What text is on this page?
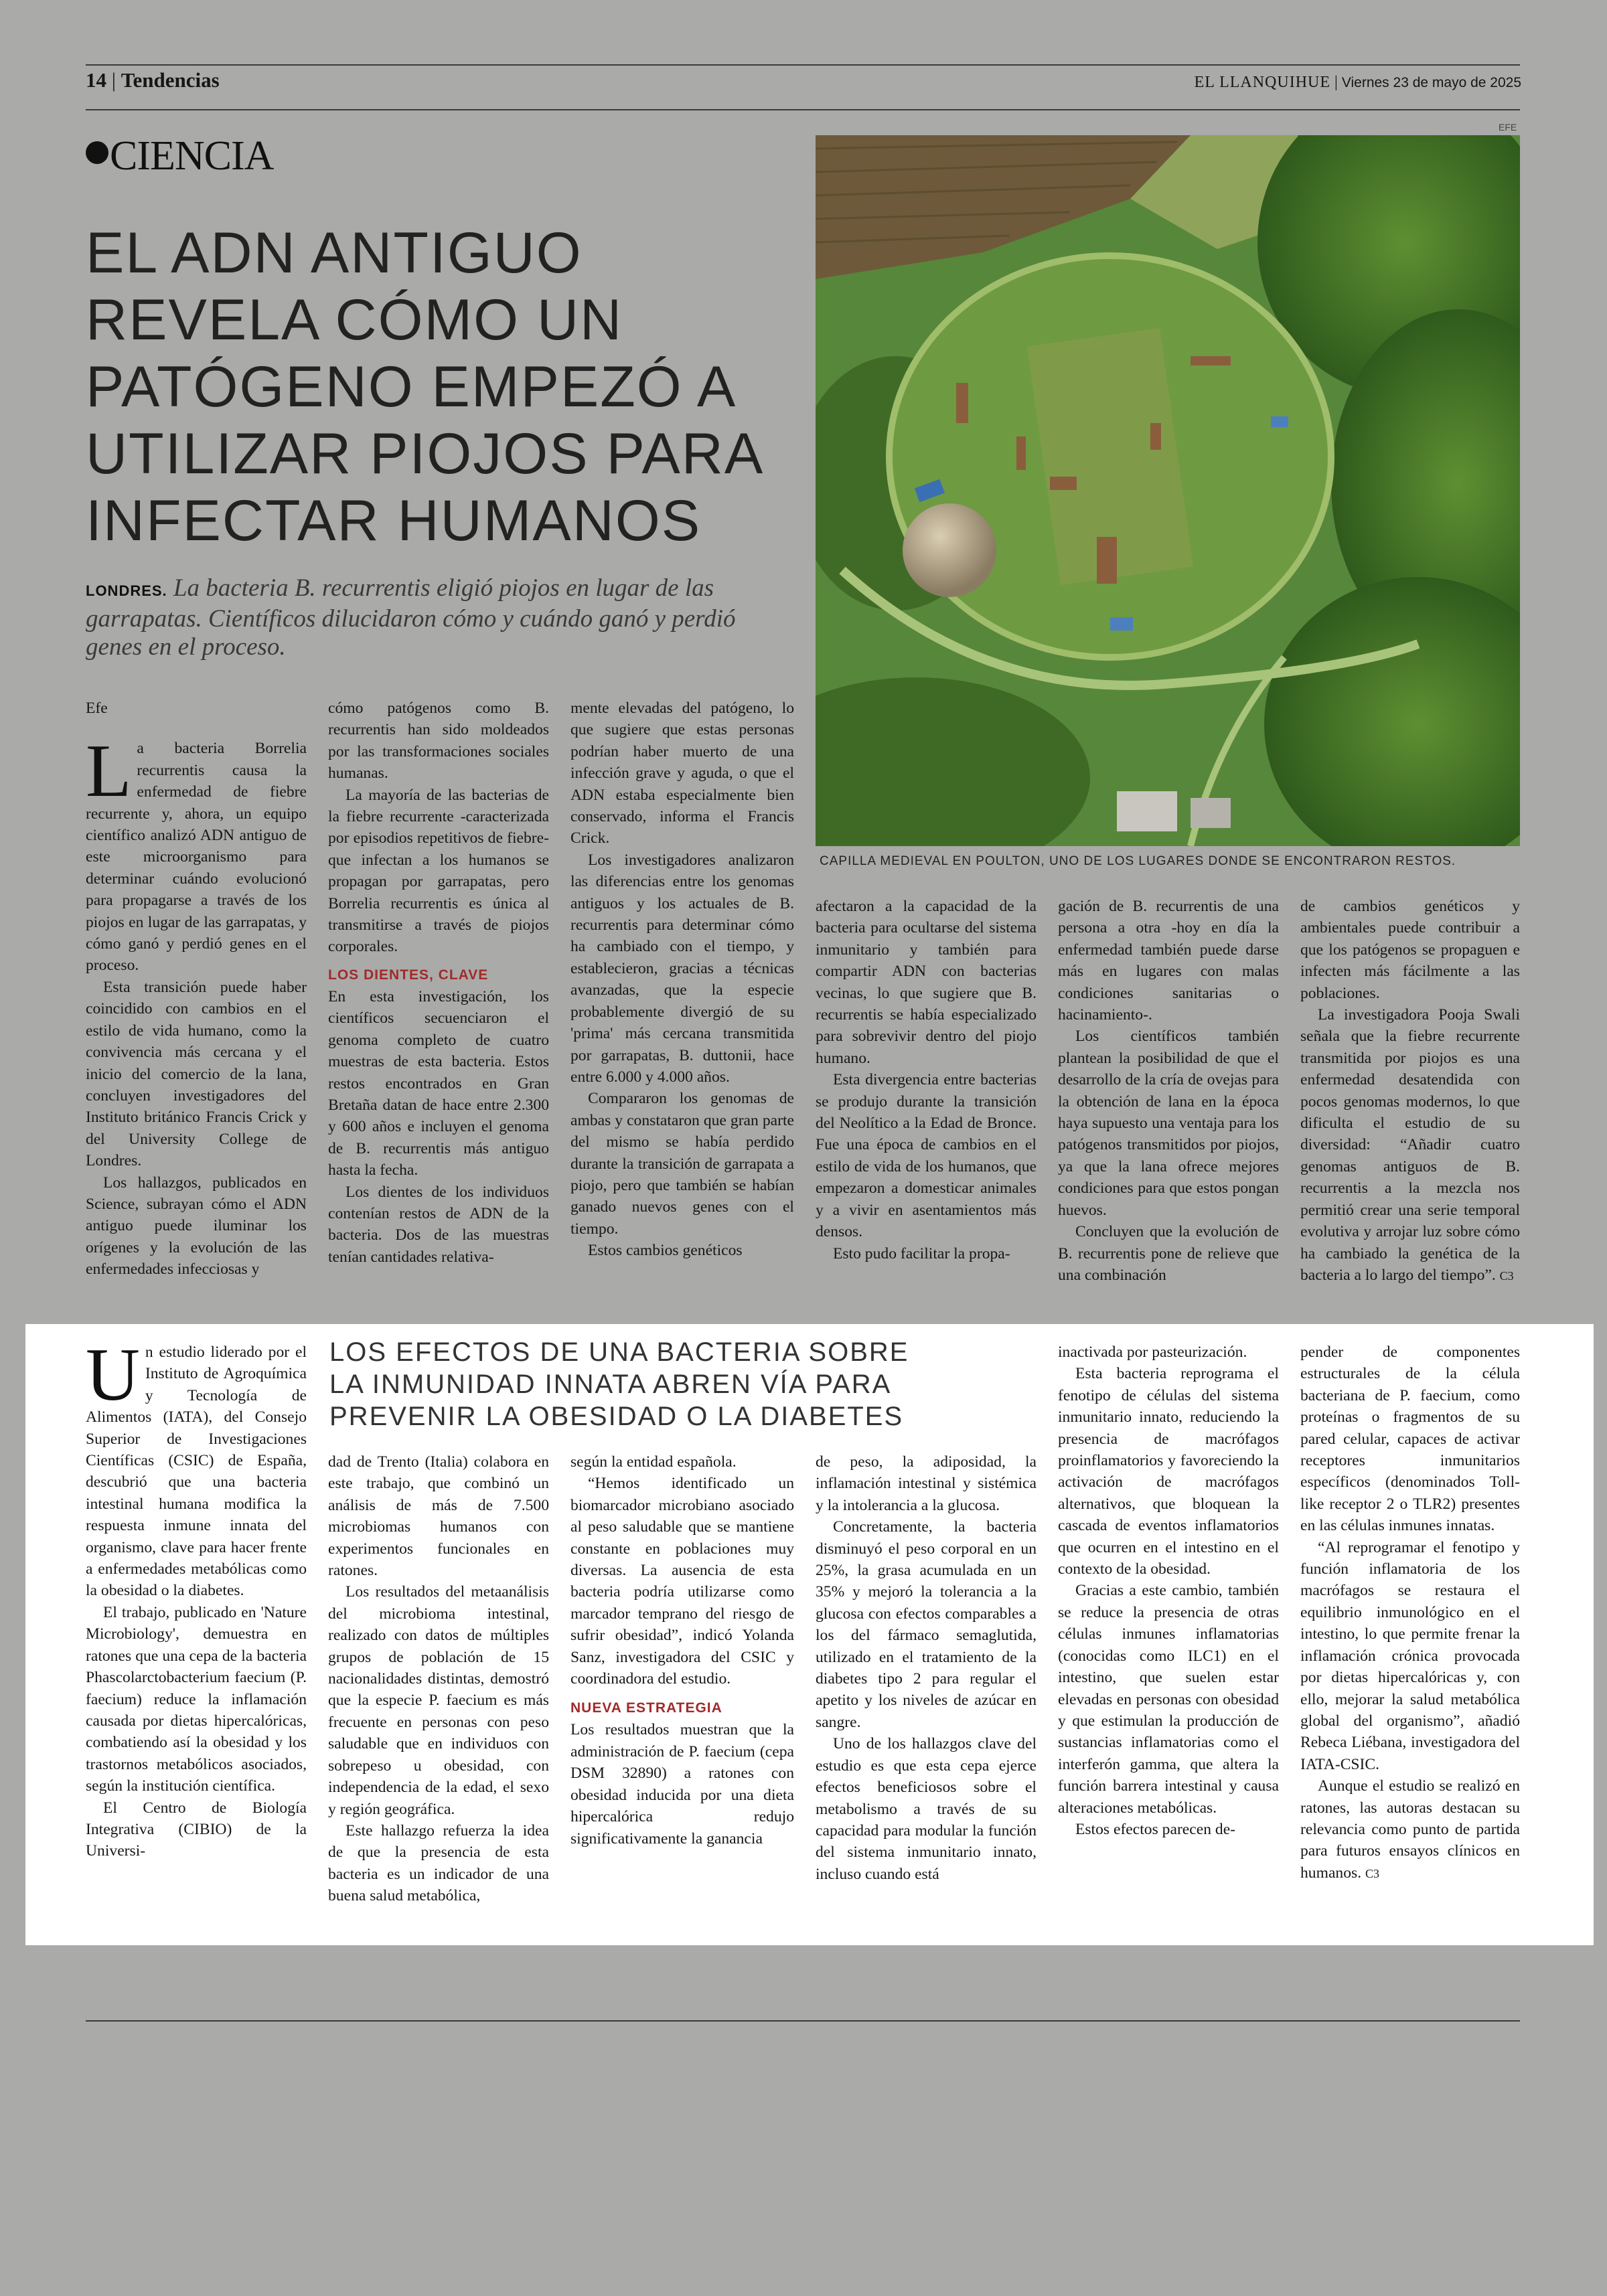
14 | Tendencias	EL LLANQUIHUE | Viernes 23 de mayo de 2025
CIENCIA
EL ADN ANTIGUO REVELA CÓMO UN PATÓGENO EMPEZÓ A UTILIZAR PIOJOS PARA INFECTAR HUMANOS
LONDRES. La bacteria B. recurrentis eligió piojos en lugar de las garrapatas. Científicos dilucidaron cómo y cuándo ganó y perdió genes en el proceso.
EFE
CAPILLA MEDIEVAL EN POULTON, UNO DE LOS LUGARES DONDE SE ENCONTRARON RESTOS.

Efe

La bacteria Borrelia recurrentis causa la enfermedad de fiebre recurrente y, ahora, un equipo científico analizó ADN antiguo de este microorganismo para determinar cuándo evolucionó para propagarse a través de los piojos en lugar de las garrapatas, y cómo ganó y perdió genes en el proceso.

Esta transición puede haber coincidido con cambios en el estilo de vida humano, como la convivencia más cercana y el inicio del comercio de la lana, concluyen investigadores del Instituto británico Francis Crick y del University College de Londres.

Los hallazgos, publicados en Science, subrayan cómo el ADN antiguo puede iluminar los orígenes y la evolución de las enfermedades infecciosas y

cómo patógenos como B. recurrentis han sido moldeados por las transformaciones sociales humanas.

La mayoría de las bacterias de la fiebre recurrente -caracterizada por episodios repetitivos de fiebre- que infectan a los humanos se propagan por garrapatas, pero Borrelia recurrentis es única al transmitirse a través de piojos corporales.

LOS DIENTES, CLAVE

En esta investigación, los científicos secuenciaron el genoma completo de cuatro muestras de esta bacteria. Estos restos encontrados en Gran Bretaña datan de hace entre 2.300 y 600 años e incluyen el genoma de B. recurrentis más antiguo hasta la fecha.

Los dientes de los individuos contenían restos de ADN de la bacteria. Dos de las muestras tenían cantidades relativa-

mente elevadas del patógeno, lo que sugiere que estas personas podrían haber muerto de una infección grave y aguda, o que el ADN estaba especialmente bien conservado, informa el Francis Crick.

Los investigadores analizaron las diferencias entre los genomas antiguos y los actuales de B. recurrentis para determinar cómo ha cambiado con el tiempo, y establecieron, gracias a técnicas avanzadas, que la especie probablemente divergió de su 'prima' más cercana transmitida por garrapatas, B. duttonii, hace entre 6.000 y 4.000 años.

Compararon los genomas de ambas y constataron que gran parte del mismo se había perdido durante la transición de garrapata a piojo, pero que también se habían ganado nuevos genes con el tiempo.

Estos cambios genéticos

afectaron a la capacidad de la bacteria para ocultarse del sistema inmunitario y también para compartir ADN con bacterias vecinas, lo que sugiere que B. recurrentis se había especializado para sobrevivir dentro del piojo humano.

Esta divergencia entre bacterias se produjo durante la transición del Neolítico a la Edad de Bronce. Fue una época de cambios en el estilo de vida de los humanos, que empezaron a domesticar animales y a vivir en asentamientos más densos.

Esto pudo facilitar la propa-

gación de B. recurrentis de una persona a otra -hoy en día la enfermedad también puede darse más en lugares con malas condiciones sanitarias o hacinamiento-.

Los científicos también plantean la posibilidad de que el desarrollo de la cría de ovejas para la obtención de lana en la época haya supuesto una ventaja para los patógenos transmitidos por piojos, ya que la lana ofrece mejores condiciones para que estos pongan huevos.

Concluyen que la evolución de B. recurrentis pone de relieve que una combinación

de cambios genéticos y ambientales puede contribuir a que los patógenos se propaguen e infecten más fácilmente a las poblaciones.

La investigadora Pooja Swali señala que la fiebre recurrente transmitida por piojos es una enfermedad desatendida con pocos genomas modernos, lo que dificulta el estudio de su diversidad: “Añadir cuatro genomas antiguos de B. recurrentis a la mezcla nos permitió crear una serie temporal evolutiva y arrojar luz sobre cómo ha cambiado la genética de la bacteria a lo largo del tiempo”. C3

LOS EFECTOS DE UNA BACTERIA SOBRE LA INMUNIDAD INNATA ABREN VÍA PARA PREVENIR LA OBESIDAD O LA DIABETES

Un estudio liderado por el Instituto de Agroquímica y Tecnología de Alimentos (IATA), del Consejo Superior de Investigaciones Científicas (CSIC) de España, descubrió que una bacteria intestinal humana modifica la respuesta inmune innata del organismo, clave para hacer frente a enfermedades metabólicas como la obesidad o la diabetes.

El trabajo, publicado en 'Nature Microbiology', demuestra en ratones que una cepa de la bacteria Phascolarctobacterium faecium (P. faecium) reduce la inflamación causada por dietas hipercalóricas, combatiendo así la obesidad y los trastornos metabólicos asociados, según la institución científica.

El Centro de Biología Integrativa (CIBIO) de la Universi-

dad de Trento (Italia) colabora en este trabajo, que combinó un análisis de más de 7.500 microbiomas humanos con experimentos funcionales en ratones.

Los resultados del metaanálisis del microbioma intestinal, realizado con datos de múltiples grupos de población de 15 nacionalidades distintas, demostró que la especie P. faecium es más frecuente en personas con peso saludable que en individuos con sobrepeso u obesidad, con independencia de la edad, el sexo y región geográfica.

Este hallazgo refuerza la idea de que la presencia de esta bacteria es un indicador de una buena salud metabólica,

según la entidad española.

“Hemos identificado un biomarcador microbiano asociado al peso saludable que se mantiene constante en poblaciones muy diversas. La ausencia de esta bacteria podría utilizarse como marcador temprano del riesgo de sufrir obesidad”, indicó Yolanda Sanz, investigadora del CSIC y coordinadora del estudio.

NUEVA ESTRATEGIA

Los resultados muestran que la administración de P. faecium (cepa DSM 32890) a ratones con obesidad inducida por una dieta hipercalórica redujo significativamente la ganancia

de peso, la adiposidad, la inflamación intestinal y sistémica y la intolerancia a la glucosa.

Concretamente, la bacteria disminuyó el peso corporal en un 25%, la grasa acumulada en un 35% y mejoró la tolerancia a la glucosa con efectos comparables a los del fármaco semaglutida, utilizado en el tratamiento de la diabetes tipo 2 para regular el apetito y los niveles de azúcar en sangre.

Uno de los hallazgos clave del estudio es que esta cepa ejerce efectos beneficiosos sobre el metabolismo a través de su capacidad para modular la función del sistema inmunitario innato, incluso cuando está

inactivada por pasteurización.

Esta bacteria reprograma el fenotipo de células del sistema inmunitario innato, reduciendo la presencia de macrófagos proinflamatorios y favoreciendo la activación de macrófagos alternativos, que bloquean la cascada de eventos inflamatorios que ocurren en el intestino en el contexto de la obesidad.

Gracias a este cambio, también se reduce la presencia de otras células inmunes inflamatorias (conocidas como ILC1) en el intestino, que suelen estar elevadas en personas con obesidad y que estimulan la producción de sustancias inflamatorias como el interferón gamma, que altera la función barrera intestinal y causa alteraciones metabólicas.

Estos efectos parecen de-

pender de componentes estructurales de la célula bacteriana de P. faecium, como proteínas o fragmentos de su pared celular, capaces de activar receptores inmunitarios específicos (denominados Toll-like receptor 2 o TLR2) presentes en las células inmunes innatas.

“Al reprogramar el fenotipo y función inflamatoria de los macrófagos se restaura el equilibrio inmunológico en el intestino, lo que permite frenar la inflamación crónica provocada por dietas hipercalóricas y, con ello, mejorar la salud metabólica global del organismo”, añadió Rebeca Liébana, investigadora del IATA-CSIC.

Aunque el estudio se realizó en ratones, las autoras destacan su relevancia como punto de partida para futuros ensayos clínicos en humanos. C3
